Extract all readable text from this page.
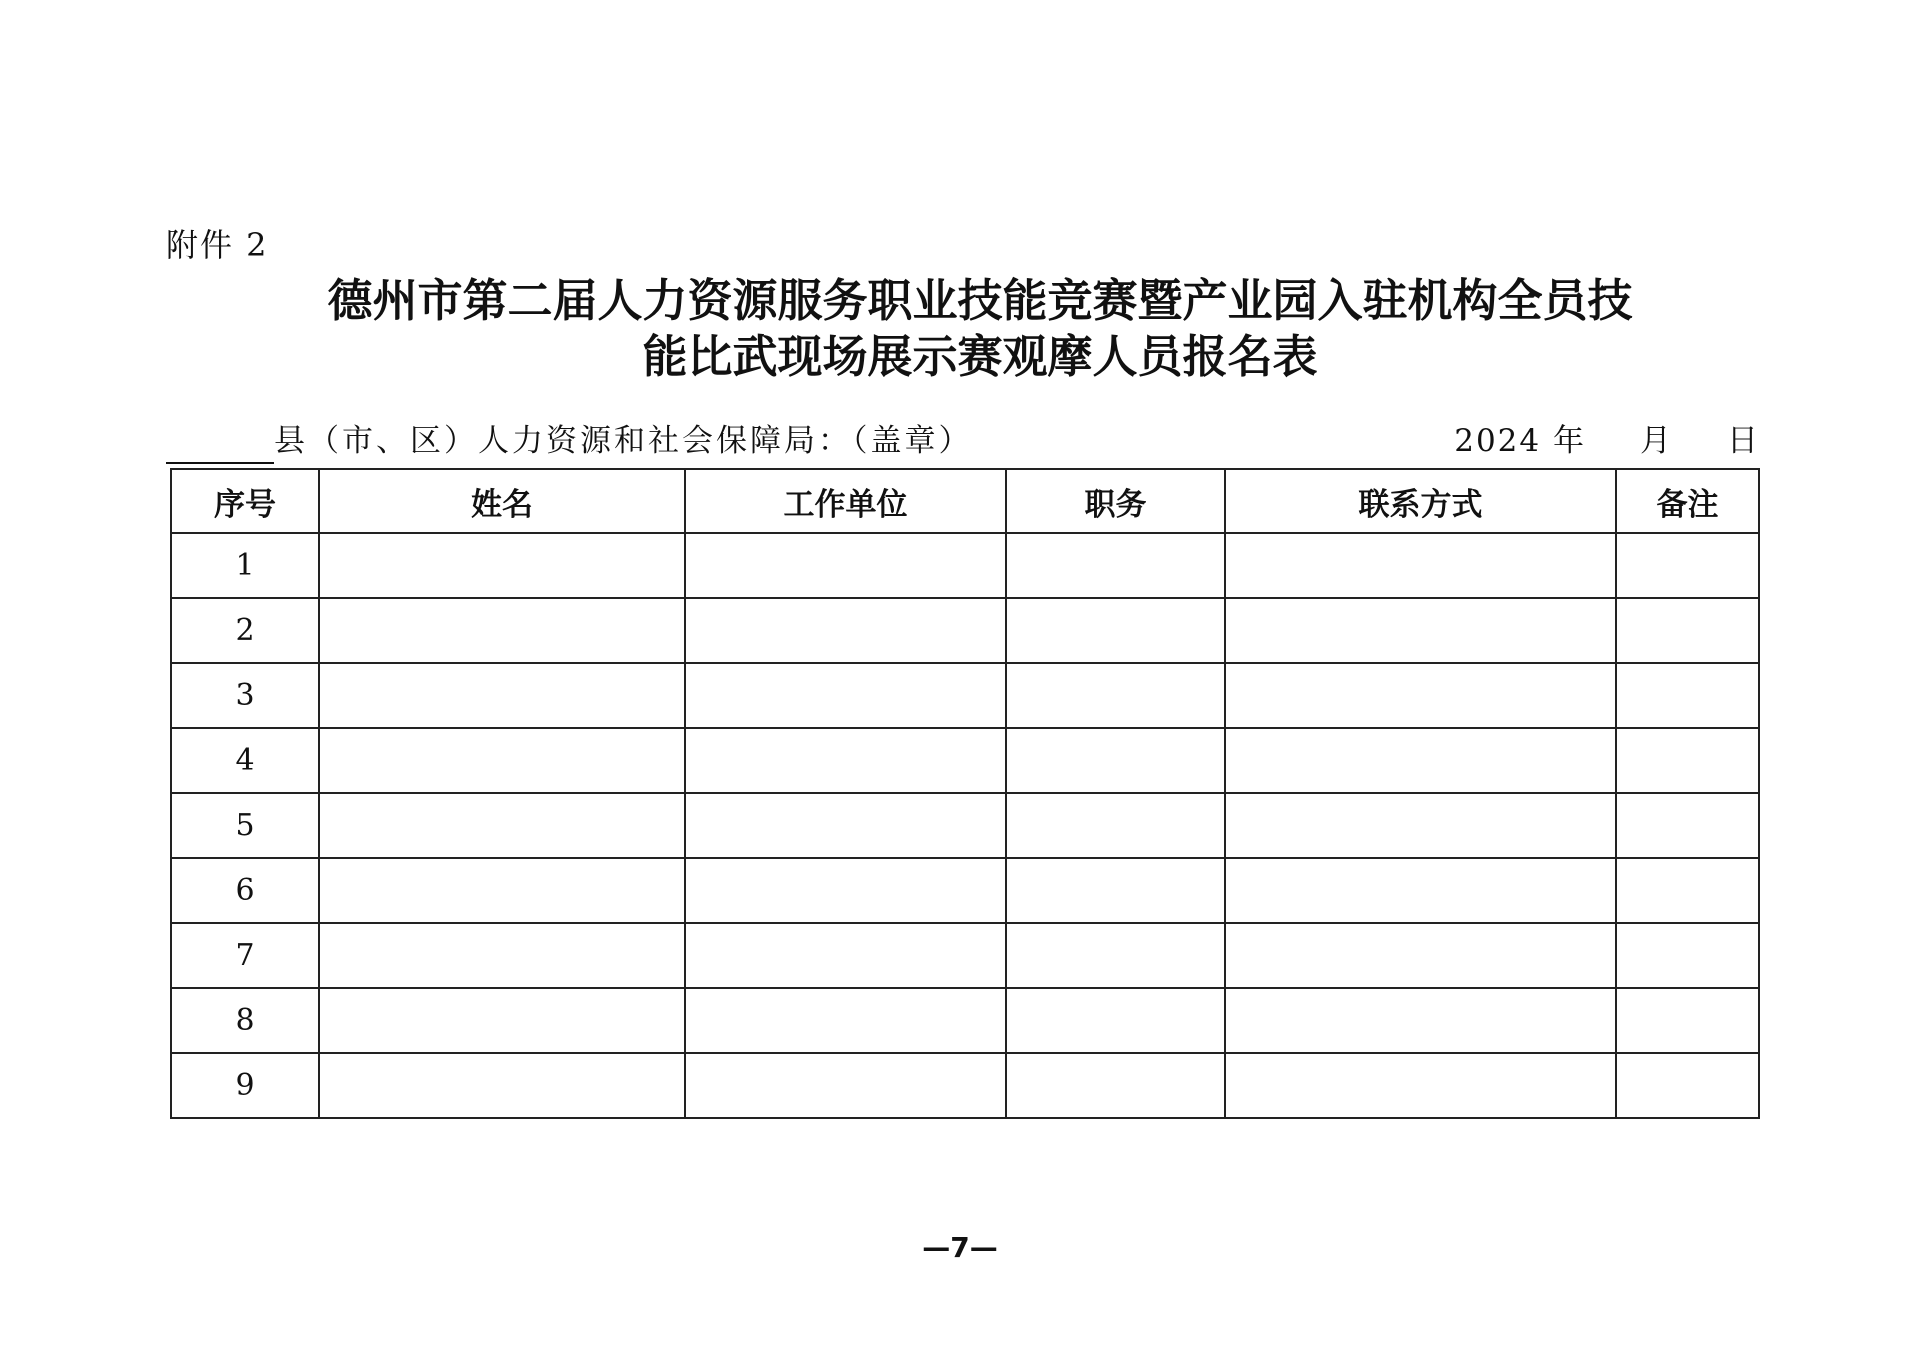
附件 2
德州市第二届人力资源服务职业技能竞赛暨产业园入驻机构全员技
能比武现场展示赛观摩人员报名表
县（市、区）人力资源和社会保障局：（盖章）	2024 年 月 日
序号	姓名	工作单位	职务	联系方式	备注
1					
2					
3					
4					
5					
6					
7					
8					
9					
—7—
